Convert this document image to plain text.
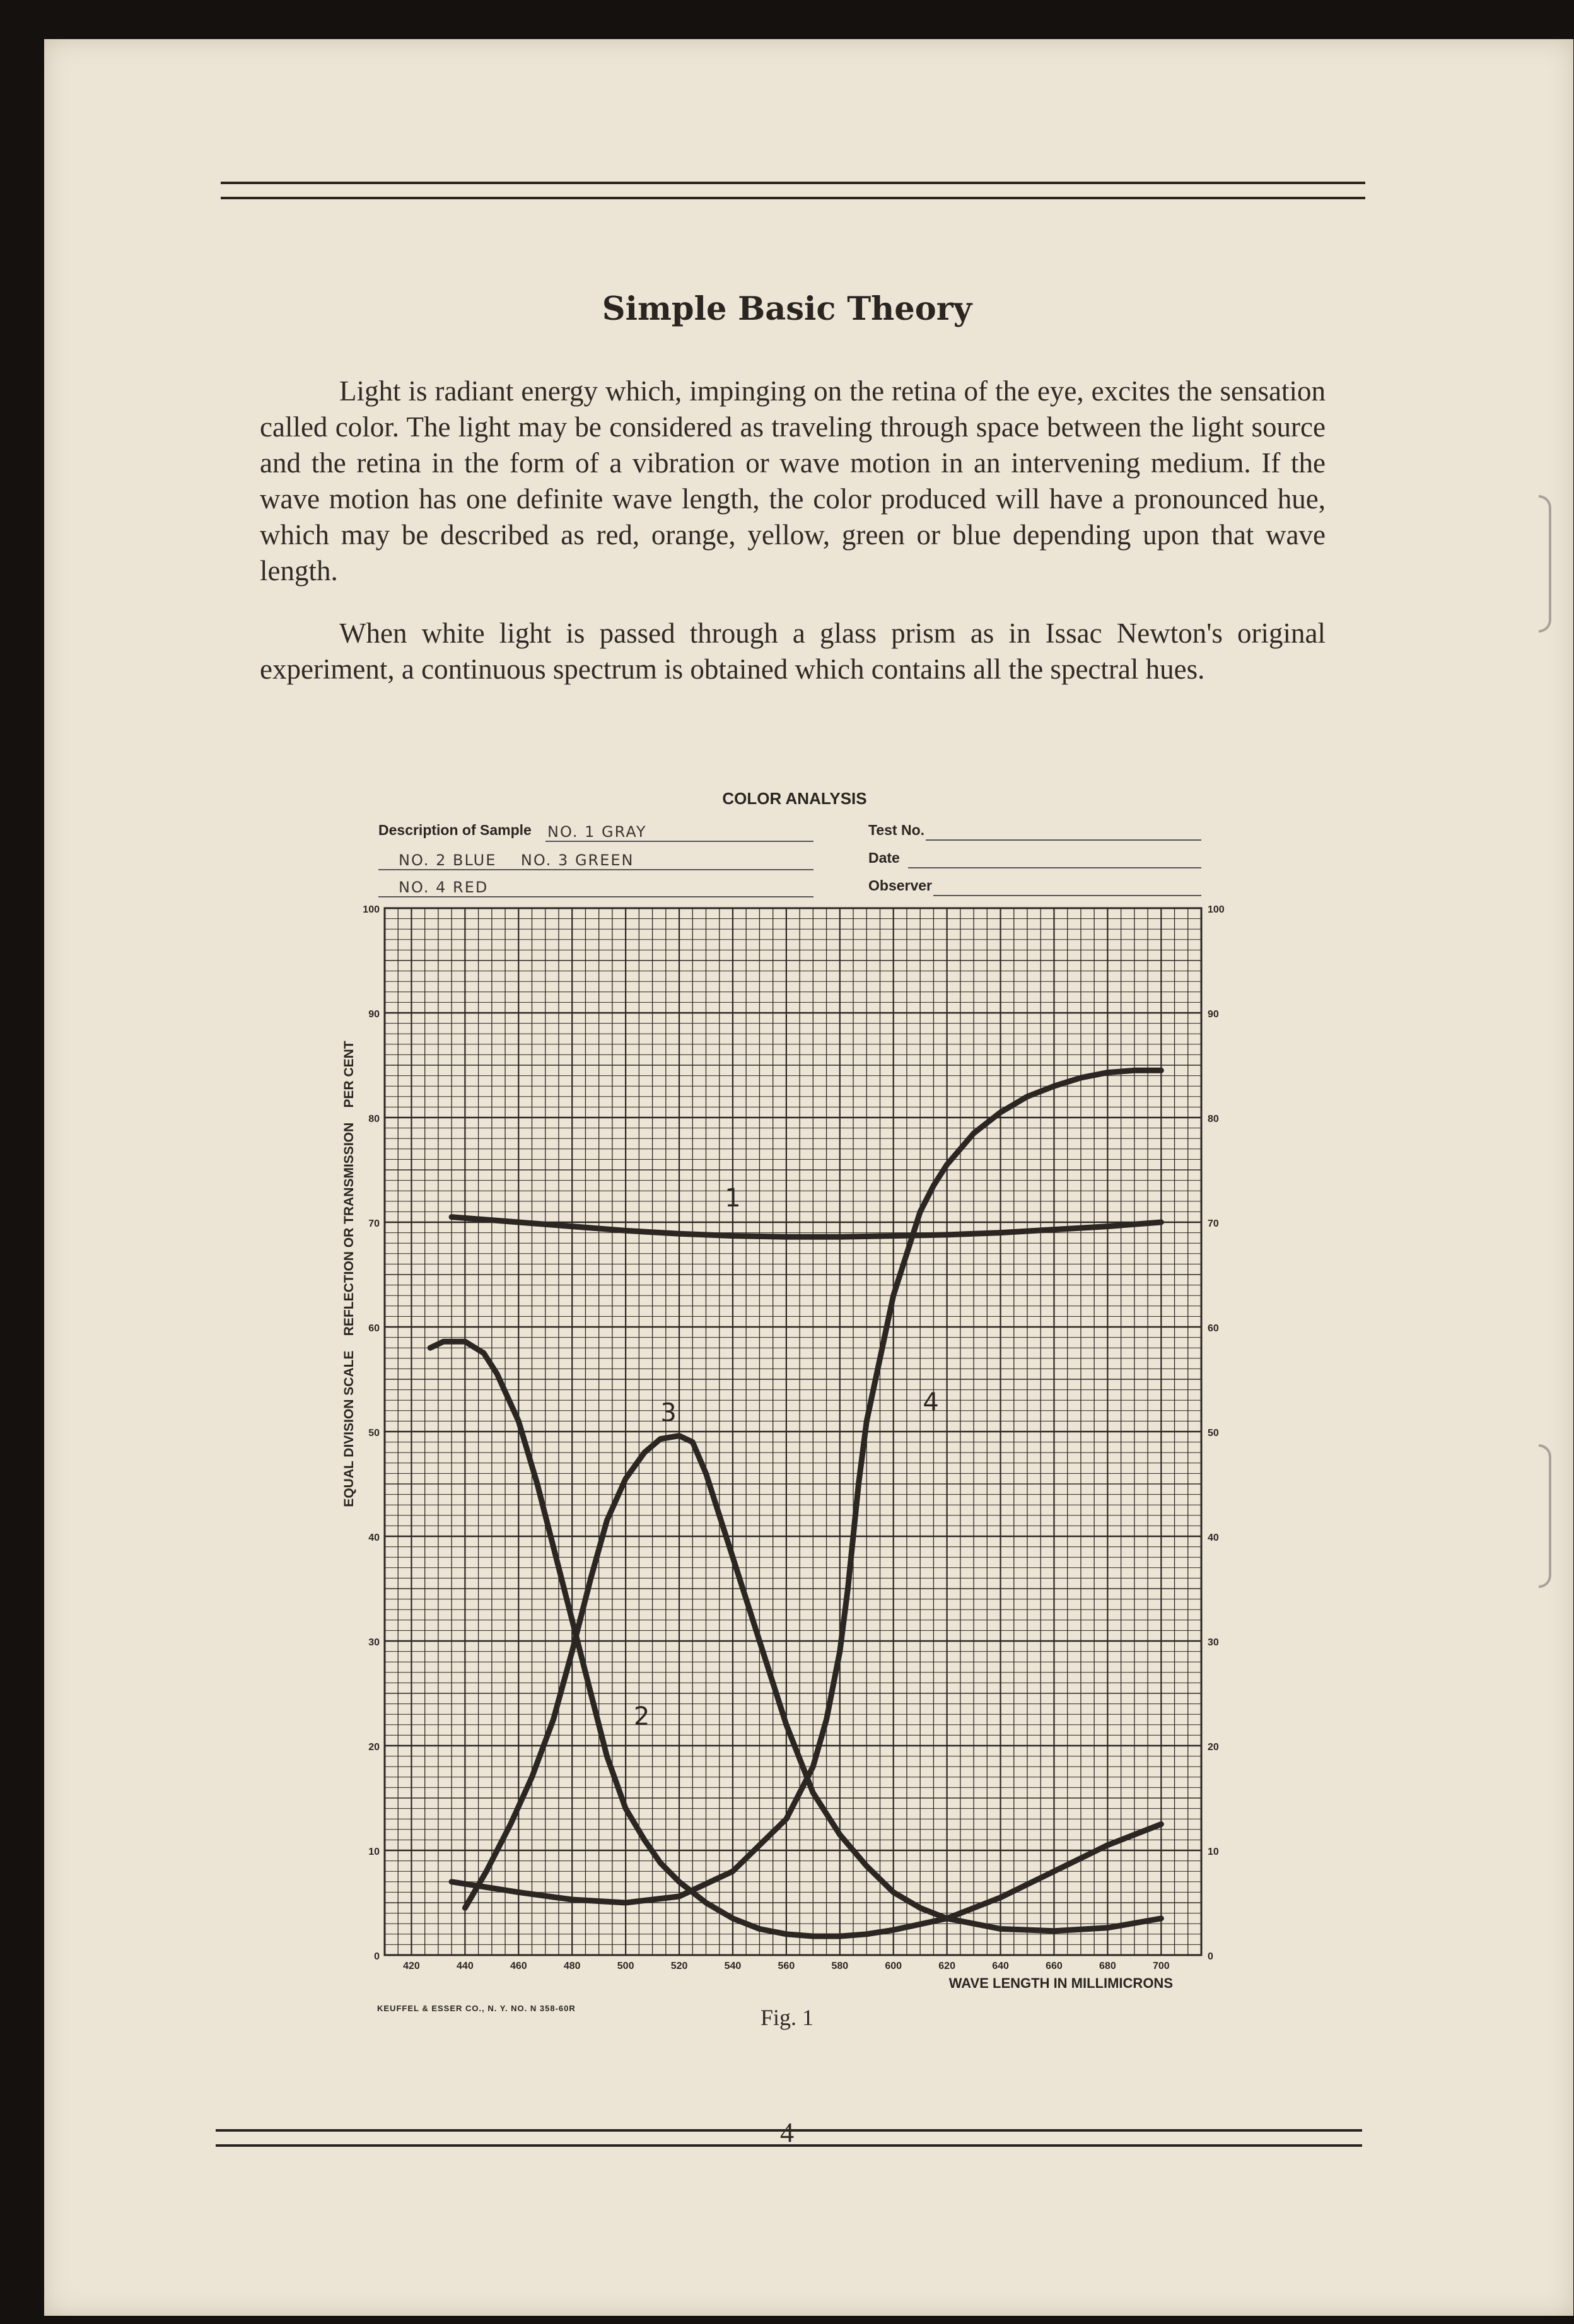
Simple Basic Theory
Light is radiant energy which, impinging on the retina of the eye, excites the sensation called color. The light may be considered as traveling through space between the light source and the retina in the form of a vibration or wave motion in an intervening medium. If the wave motion has one definite wave length, the color produced will have a pronounced hue, which may be described as red, orange, yellow, green or blue depending upon that wave length.
When white light is passed through a glass prism as in Issac Newton's original experiment, a continuous spectrum is obtained which contains all the spectral hues.
COLOR ANALYSIS
Description of Sample NO. 1 GRAY
NO. 2 BLUE    NO. 3 GREEN
NO. 4 RED
Test No.
Date
Observer
0	0
10	10
20	20
30	30
40	40
50	50
60	60
70	70
80	80
90	90
100	100
420	440	460	480	500	520	540	560	580	600	620	640	660	680	700
1
2
3	4
EQUAL DIVISION SCALE    REFLECTION OR TRANSMISSION    PER CENT
WAVE LENGTH IN MILLIMICRONS
KEUFFEL & ESSER CO., N. Y. NO. N 358-60R	Fig. 1
4
